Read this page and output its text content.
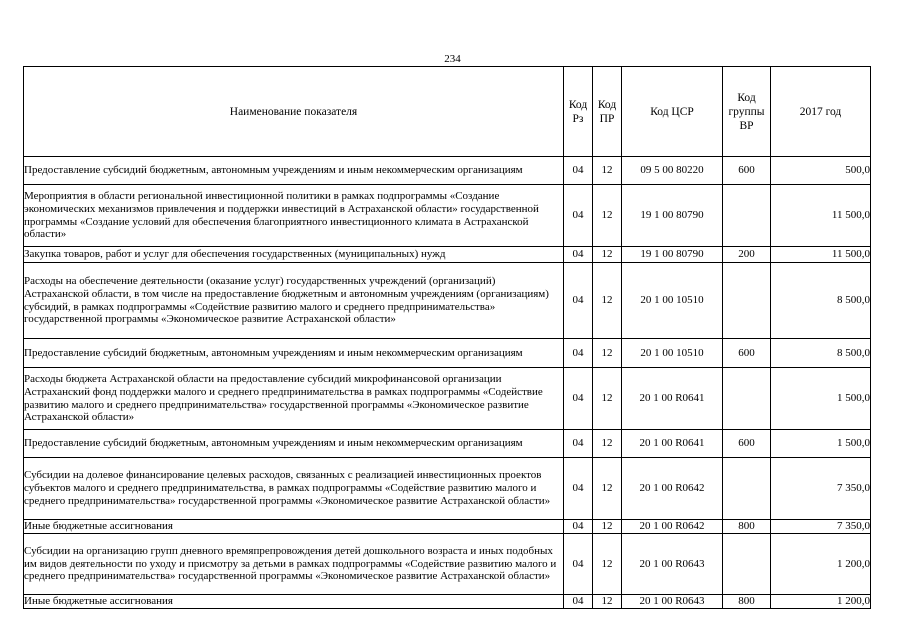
234
Наименование показателя	Код Рз	Код ПР	Код ЦСР	Код группы ВР	2017 год
Предоставление субсидий бюджетным, автономным учреждениям и иным некоммерческим организациям	04	12	09 5 00 80220	600	500,0
Мероприятия в области региональной инвестиционной политики в рамках подпрограммы «Создание экономических механизмов привлечения и поддержки инвестиций в Астраханской области» государственной программы «Создание условий для обеспечения благоприятного инвестиционного климата в Астраханской области»	04	12	19 1 00 80790		11 500,0
Закупка товаров, работ и услуг для обеспечения государственных (муниципальных) нужд	04	12	19 1 00 80790	200	11 500,0
Расходы на обеспечение деятельности (оказание услуг) государственных учреждений (организаций) Астраханской области, в том числе на предоставление бюджетным и автономным учреждениям (организациям) субсидий, в рамках подпрограммы «Содействие развитию малого и среднего предпринимательства» государственной программы «Экономическое развитие Астраханской области»	04	12	20 1 00 10510		8 500,0
Предоставление субсидий бюджетным, автономным учреждениям и иным некоммерческим организациям	04	12	20 1 00 10510	600	8 500,0
Расходы бюджета Астраханской области на предоставление субсидий микрофинансовой организации Астраханский фонд поддержки малого и среднего предпринимательства в рамках подпрограммы «Содействие развитию малого и среднего предпринимательства» государственной программы «Экономическое развитие Астраханской области»	04	12	20 1 00 R0641		1 500,0
Предоставление субсидий бюджетным, автономным учреждениям и иным некоммерческим организациям	04	12	20 1 00 R0641	600	1 500,0
Субсидии на долевое финансирование целевых расходов, связанных с реализацией инвестиционных проектов субъектов малого и среднего предпринимательства, в рамках подпрограммы «Содействие развитию малого и среднего предпринимательства» государственной программы «Экономическое развитие Астраханской области»	04	12	20 1 00 R0642		7 350,0
Иные бюджетные ассигнования	04	12	20 1 00 R0642	800	7 350,0
Субсидии на организацию групп дневного времяпрепровождения детей дошкольного возраста и иных подобных им видов деятельности по уходу и присмотру за детьми в рамках подпрограммы «Содействие развитию малого и среднего предпринимательства» государственной программы «Экономическое развитие Астраханской области»	04	12	20 1 00 R0643		1 200,0
Иные бюджетные ассигнования	04	12	20 1 00 R0643	800	1 200,0
